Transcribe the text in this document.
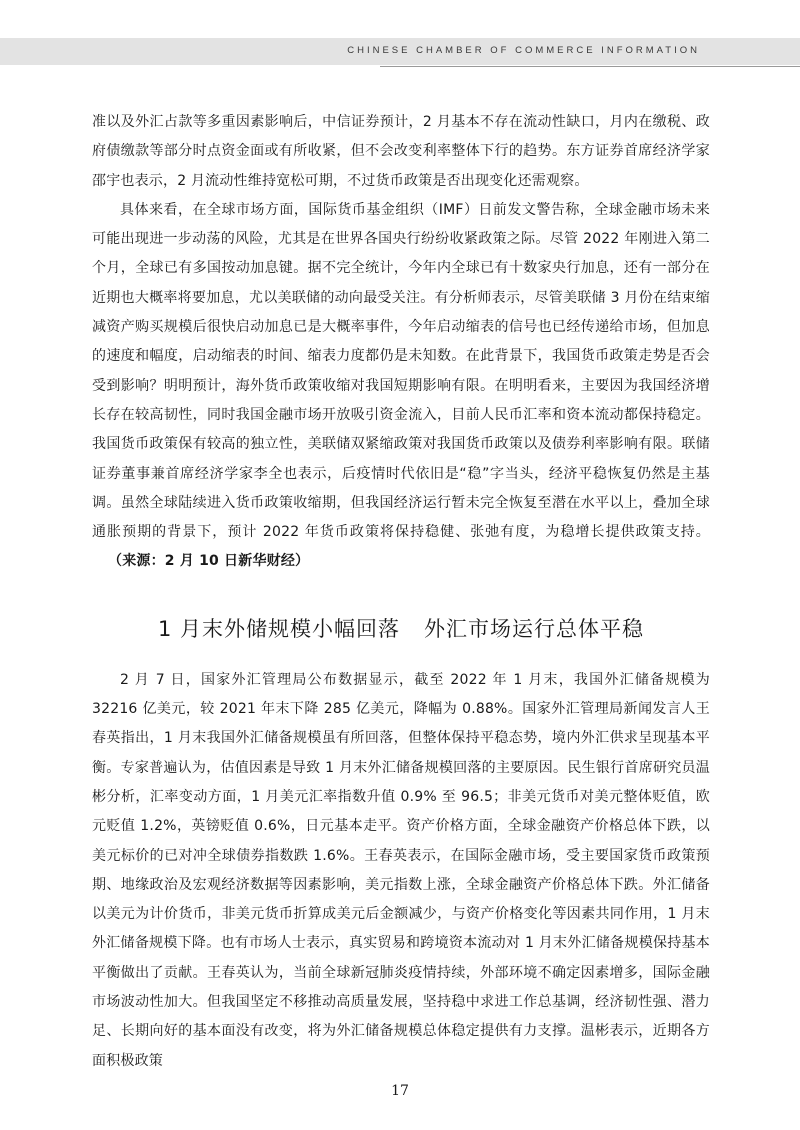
CHINESE CHAMBER OF COMMERCE INFORMATION

准以及外汇占款等多重因素影响后，中信证券预计，2 月基本不存在流动性缺口，月内在缴税、政府债缴款等部分时点资金面或有所收紧，但不会改变利率整体下行的趋势。东方证券首席经济学家邵宇也表示，2 月流动性维持宽松可期，不过货币政策是否出现变化还需观察。

具体来看，在全球市场方面，国际货币基金组织（IMF）日前发文警告称，全球金融市场未来可能出现进一步动荡的风险，尤其是在世界各国央行纷纷收紧政策之际。尽管 2022 年刚进入第二个月，全球已有多国按动加息键。据不完全统计，今年内全球已有十数家央行加息，还有一部分在近期也大概率将要加息，尤以美联储的动向最受关注。有分析师表示，尽管美联储 3 月份在结束缩减资产购买规模后很快启动加息已是大概率事件，今年启动缩表的信号也已经传递给市场，但加息的速度和幅度，启动缩表的时间、缩表力度都仍是未知数。在此背景下，我国货币政策走势是否会受到影响？明明预计，海外货币政策收缩对我国短期影响有限。在明明看来，主要因为我国经济增长存在较高韧性，同时我国金融市场开放吸引资金流入，目前人民币汇率和资本流动都保持稳定。我国货币政策保有较高的独立性，美联储双紧缩政策对我国货币政策以及债券利率影响有限。联储证券董事兼首席经济学家李全也表示，后疫情时代依旧是“稳”字当头，经济平稳恢复仍然是主基调。虽然全球陆续进入货币政策收缩期，但我国经济运行暂未完全恢复至潜在水平以上，叠加全球通胀预期的背景下，预计 2022 年货币政策将保持稳健、张弛有度，为稳增长提供政策支持。（来源：2 月 10 日新华财经）

1 月末外储规模小幅回落 外汇市场运行总体平稳

2 月 7 日，国家外汇管理局公布数据显示，截至 2022 年 1 月末，我国外汇储备规模为 32216 亿美元，较 2021 年末下降 285 亿美元，降幅为 0.88%。国家外汇管理局新闻发言人王春英指出，1 月末我国外汇储备规模虽有所回落，但整体保持平稳态势，境内外汇供求呈现基本平衡。专家普遍认为，估值因素是导致 1 月末外汇储备规模回落的主要原因。民生银行首席研究员温彬分析，汇率变动方面，1 月美元汇率指数升值 0.9% 至 96.5；非美元货币对美元整体贬值，欧元贬值 1.2%，英镑贬值 0.6%，日元基本走平。资产价格方面，全球金融资产价格总体下跌，以美元标价的已对冲全球债券指数跌 1.6%。王春英表示，在国际金融市场，受主要国家货币政策预期、地缘政治及宏观经济数据等因素影响，美元指数上涨，全球金融资产价格总体下跌。外汇储备以美元为计价货币，非美元货币折算成美元后金额减少，与资产价格变化等因素共同作用，1 月末外汇储备规模下降。也有市场人士表示，真实贸易和跨境资本流动对 1 月末外汇储备规模保持基本平衡做出了贡献。王春英认为，当前全球新冠肺炎疫情持续，外部环境不确定因素增多，国际金融市场波动性加大。但我国坚定不移推动高质量发展，坚持稳中求进工作总基调，经济韧性强、潜力足、长期向好的基本面没有改变，将为外汇储备规模总体稳定提供有力支撑。温彬表示，近期各方面积极政策

17
